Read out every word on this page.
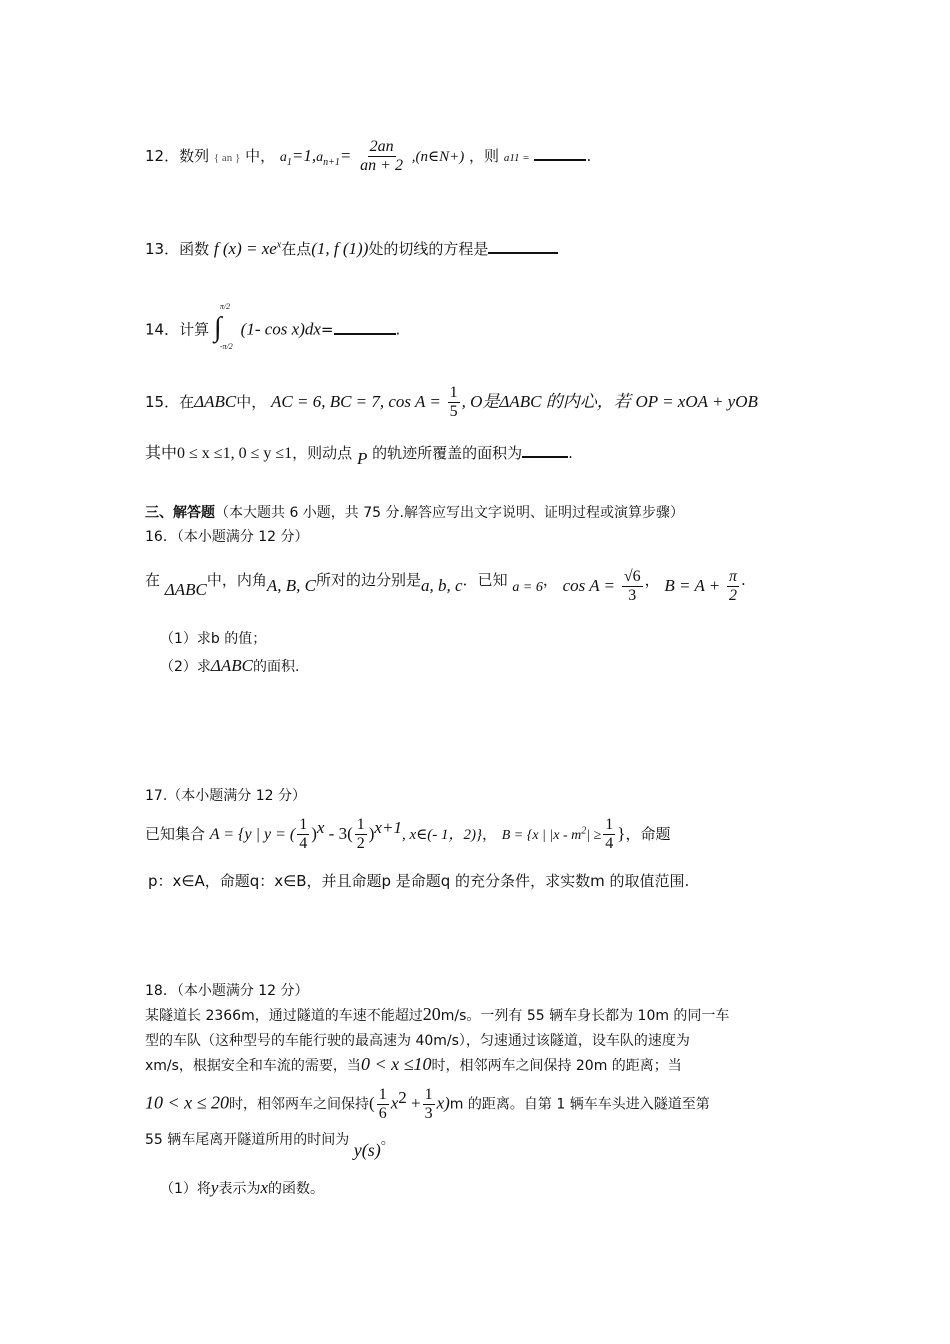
12．数列 { an } 中， $a_1=1,a_{n+1}= \frac{2an}{an + 2}$ ,(n∈N+) ，则 a11 =	.
13．函数 f $(x) = xe^x$在点(1, f (1))处的切线的方程是
14．计算
π/2
∫
-π/2
(1- cos x)dx=	.
15．在ΔABC中， AC = 6, BC = 7, $\cos A = \frac{1}{5}$ , O是ΔABC 的内心，若 OP = xOA + yOB
其中0 ≤ x ≤1, 0 ≤ y ≤1，则动点 P 的轨迹所覆盖的面积为	.
三、解答题（本大题共 6 小题，共 75 分.解答应写出文字说明、证明过程或演算步骤）
16．（本小题满分 12 分）
在 ΔABC中，内角A, B, C所对的边分别是a, b, c．已知 a = 6， $\cos A = \frac{√6}{3}$ ， $B = A + \frac{\pi}{2}$ .
（1）求b 的值；
（2）求ΔABC的面积.
17.（本小题满分 12 分）
已知集合 A = {y | y = ( $\frac{1}{4} )^x - 3( \frac{1}{2} )^{x+1}$, x∈(- 1，2)}， B = {x | $|x - m^2| \ge \frac{1}{4}$ }，命题
p：x∈A，命题q：x∈B，并且命题p 是命题q 的充分条件，求实数m 的取值范围.
18．（本小题满分 12 分）
某隧道长 2366m，通过隧道的车速不能超过20m/s。一列有 55 辆车身长都为 10m 的同一车
型的车队（这种型号的车能行驶的最高速为 40m/s），匀速通过该隧道，设车队的速度为
xm/s，根据安全和车流的需要，当0 < x ≤10时，相邻两车之间保持 20m 的距离；当
10 < x ≤ 20时，相邻两车之间保持( $\frac{1}{6} x^2 + \frac{1}{3} x)m$ 的距离。自第 1 辆车车头进入隧道至第
55 辆车尾离开隧道所用的时间为 y(s)。
（1）将y表示为x的函数。
